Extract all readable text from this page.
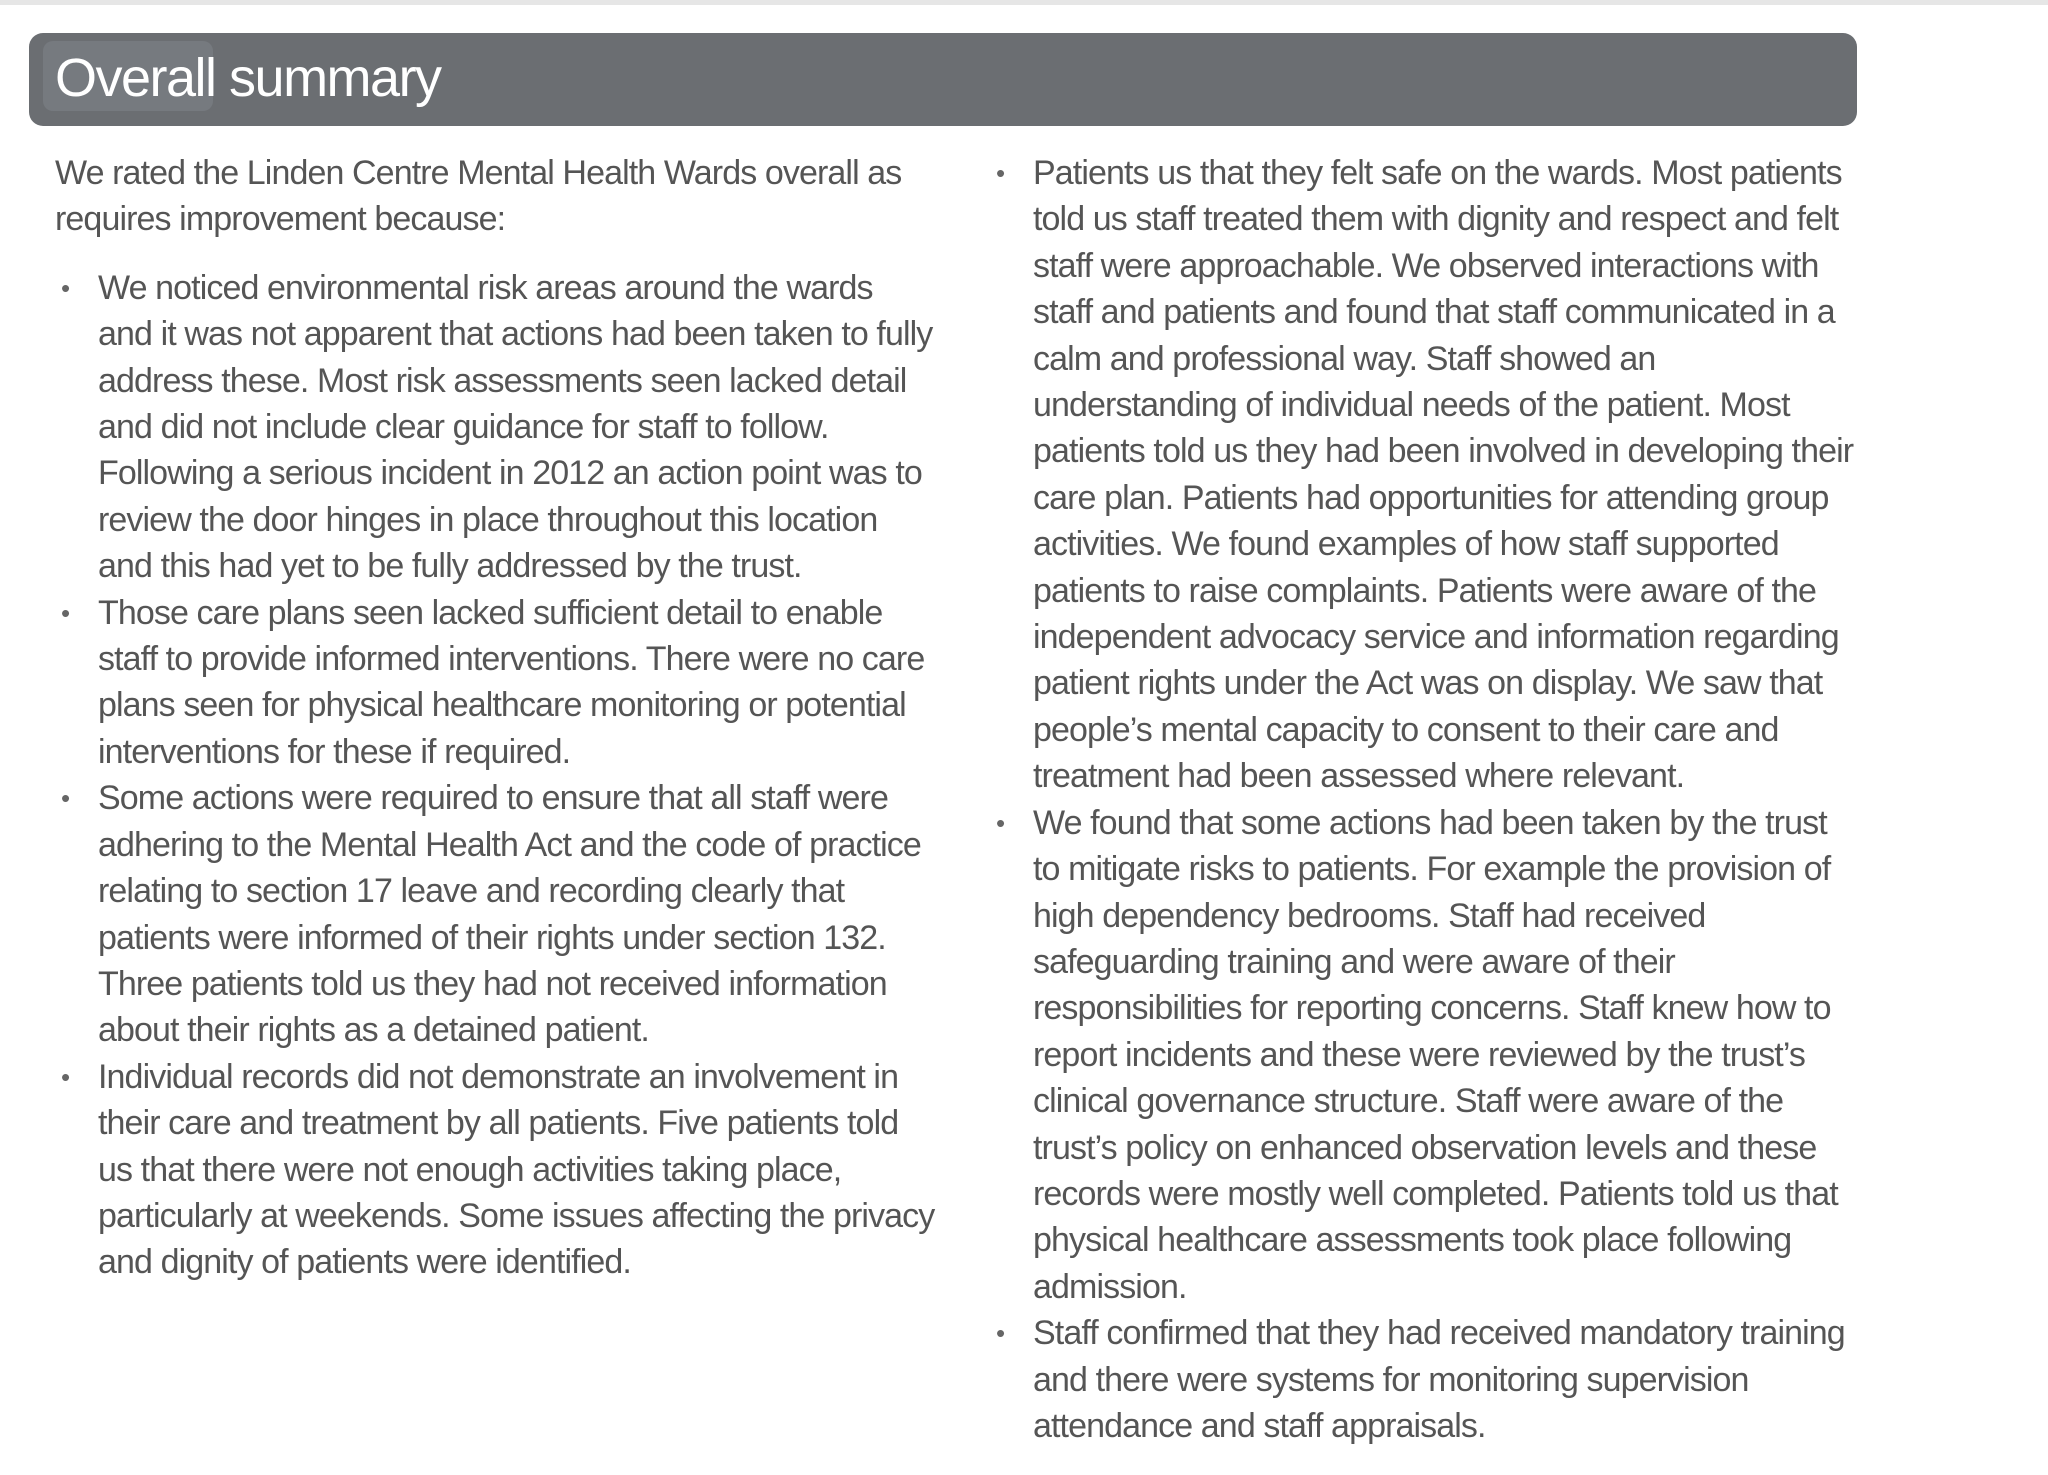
Overall summary

We rated the Linden Centre Mental Health Wards overall as requires improvement because:

• We noticed environmental risk areas around the wards and it was not apparent that actions had been taken to fully address these. Most risk assessments seen lacked detail and did not include clear guidance for staff to follow. Following a serious incident in 2012 an action point was to review the door hinges in place throughout this location and this had yet to be fully addressed by the trust.
• Those care plans seen lacked sufficient detail to enable staff to provide informed interventions. There were no care plans seen for physical healthcare monitoring or potential interventions for these if required.
• Some actions were required to ensure that all staff were adhering to the Mental Health Act and the code of practice relating to section 17 leave and recording clearly that patients were informed of their rights under section 132. Three patients told us they had not received information about their rights as a detained patient.
• Individual records did not demonstrate an involvement in their care and treatment by all patients. Five patients told us that there were not enough activities taking place, particularly at weekends. Some issues affecting the privacy and dignity of patients were identified.
• Patients us that they felt safe on the wards. Most patients told us staff treated them with dignity and respect and felt staff were approachable. We observed interactions with staff and patients and found that staff communicated in a calm and professional way. Staff showed an understanding of individual needs of the patient. Most patients told us they had been involved in developing their care plan. Patients had opportunities for attending group activities. We found examples of how staff supported patients to raise complaints. Patients were aware of the independent advocacy service and information regarding patient rights under the Act was on display. We saw that people’s mental capacity to consent to their care and treatment had been assessed where relevant.
• We found that some actions had been taken by the trust to mitigate risks to patients. For example the provision of high dependency bedrooms. Staff had received safeguarding training and were aware of their responsibilities for reporting concerns. Staff knew how to report incidents and these were reviewed by the trust’s clinical governance structure. Staff were aware of the trust’s policy on enhanced observation levels and these records were mostly well completed. Patients told us that physical healthcare assessments took place following admission.
• Staff confirmed that they had received mandatory training and there were systems for monitoring supervision attendance and staff appraisals.
